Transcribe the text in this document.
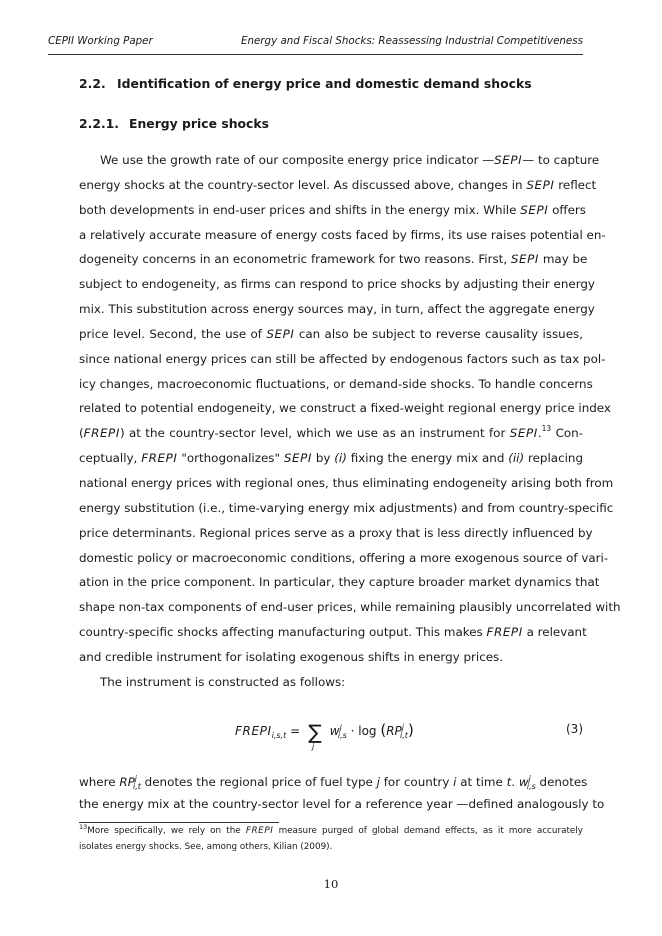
CEPII Working Paper	Energy and Fiscal Shocks: Reassessing Industrial Competitiveness
2.2. Identification of energy price and domestic demand shocks
2.2.1. Energy price shocks

We use the growth rate of our composite energy price indicator —SEPI— to capture

energy shocks at the country-sector level. As discussed above, changes in SEPI reflect

both developments in end-user prices and shifts in the energy mix. While SEPI offers

a relatively accurate measure of energy costs faced by firms, its use raises potential en-

dogeneity concerns in an econometric framework for two reasons. First, SEPI may be

subject to endogeneity, as firms can respond to price shocks by adjusting their energy

mix. This substitution across energy sources may, in turn, affect the aggregate energy

price level. Second, the use of SEPI can also be subject to reverse causality issues,

since national energy prices can still be affected by endogenous factors such as tax pol-

icy changes, macroeconomic fluctuations, or demand-side shocks. To handle concerns

related to potential endogeneity, we construct a fixed-weight regional energy price index

(FREPI) at the country-sector level, which we use as an instrument for SEPI.$^{13}$ Con-

ceptually, FREPI "orthogonalizes" SEPI by (i) fixing the energy mix and (ii) replacing

national energy prices with regional ones, thus eliminating endogeneity arising both from

energy substitution (i.e., time-varying energy mix adjustments) and from country-specific

price determinants. Regional prices serve as a proxy that is less directly influenced by

domestic policy or macroeconomic conditions, offering a more exogenous source of vari-

ation in the price component. In particular, they capture broader market dynamics that

shape non-tax components of end-user prices, while remaining plausibly uncorrelated with

country-specific shocks affecting manufacturing output. This makes FREPI a relevant

and credible instrument for isolating exogenous shifts in energy prices.

The instrument is constructed as follows:

$FREPI_{i,s,t}$ = ∑
j
$w^j_{i,s} \cdot \log (RP^j_{i,t})$	(3)

where $RP^j_{i,t}$ denotes the regional price of fuel type j for country i at time t. $w^j_{i,s}$ denotes

the energy mix at the country-sector level for a reference year —defined analogously to

$^{13}$More specifically, we rely on the FREPI measure purged of global demand effects, as it more accurately

isolates energy shocks. See, among others, Kilian (2009).

10
